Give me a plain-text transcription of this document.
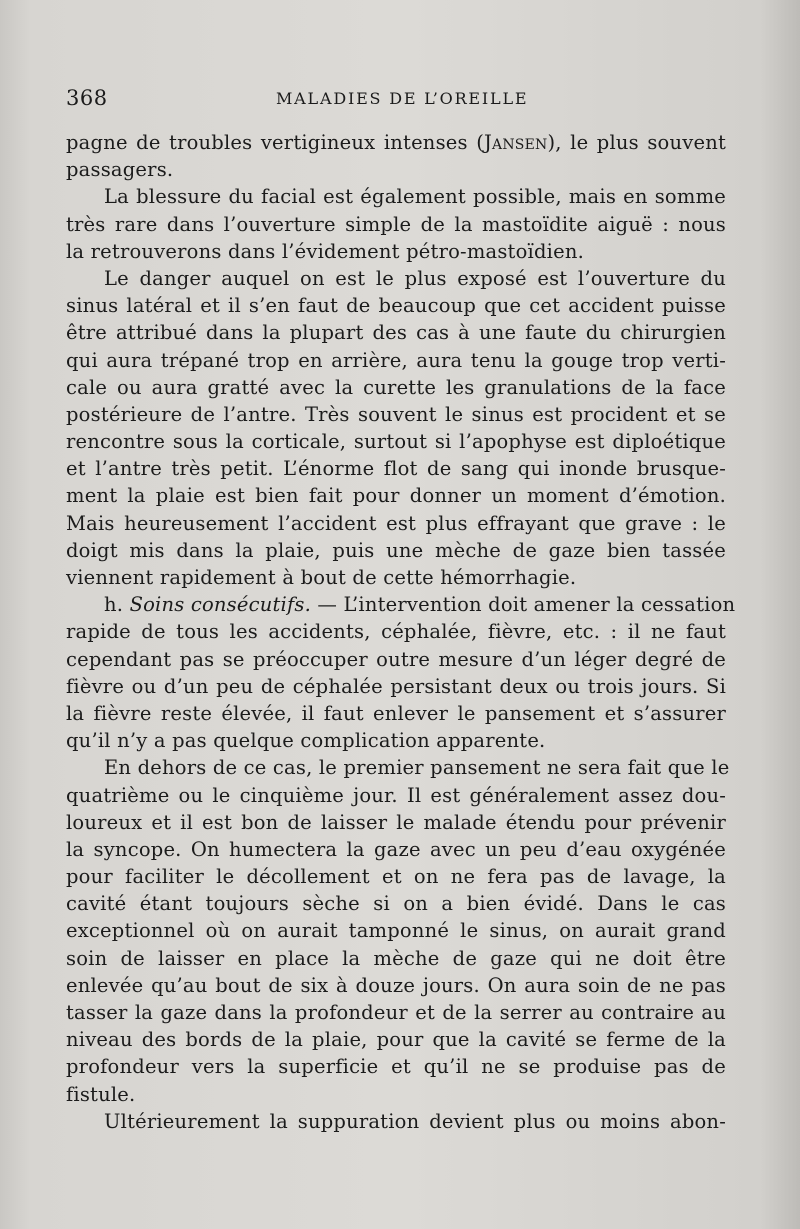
368	MALADIES DE L’OREILLE
pagne de troubles vertigineux intenses (Jansen), le plus souvent
passagers.
La blessure du facial est également possible, mais en somme
très rare dans l’ouverture simple de la mastoïdite aiguë : nous
la retrouverons dans l’évidement pétro-mastoïdien.
Le danger auquel on est le plus exposé est l’ouverture du
sinus latéral et il s’en faut de beaucoup que cet accident puisse
être attribué dans la plupart des cas à une faute du chirurgien
qui aura trépané trop en arrière, aura tenu la gouge trop verti-
cale ou aura gratté avec la curette les granulations de la face
postérieure de l’antre. Très souvent le sinus est procident et se
rencontre sous la corticale, surtout si l’apophyse est diploétique
et l’antre très petit. L’énorme flot de sang qui inonde brusque-
ment la plaie est bien fait pour donner un moment d’émotion.
Mais heureusement l’accident est plus effrayant que grave : le
doigt mis dans la plaie, puis une mèche de gaze bien tassée
viennent rapidement à bout de cette hémorrhagie.
h. Soins consécutifs. — L’intervention doit amener la cessation
rapide de tous les accidents, céphalée, fièvre, etc. : il ne faut
cependant pas se préoccuper outre mesure d’un léger degré de
fièvre ou d’un peu de céphalée persistant deux ou trois jours. Si
la fièvre reste élevée, il faut enlever le pansement et s’assurer
qu’il n’y a pas quelque complication apparente.
En dehors de ce cas, le premier pansement ne sera fait que le
quatrième ou le cinquième jour. Il est généralement assez dou-
loureux et il est bon de laisser le malade étendu pour prévenir
la syncope. On humectera la gaze avec un peu d’eau oxygénée
pour faciliter le décollement et on ne fera pas de lavage, la
cavité étant toujours sèche si on a bien évidé. Dans le cas
exceptionnel où on aurait tamponné le sinus, on aurait grand
soin de laisser en place la mèche de gaze qui ne doit être
enlevée qu’au bout de six à douze jours. On aura soin de ne pas
tasser la gaze dans la profondeur et de la serrer au contraire au
niveau des bords de la plaie, pour que la cavité se ferme de la
profondeur vers la superficie et qu’il ne se produise pas de
fistule.
Ultérieurement la suppuration devient plus ou moins abon-
